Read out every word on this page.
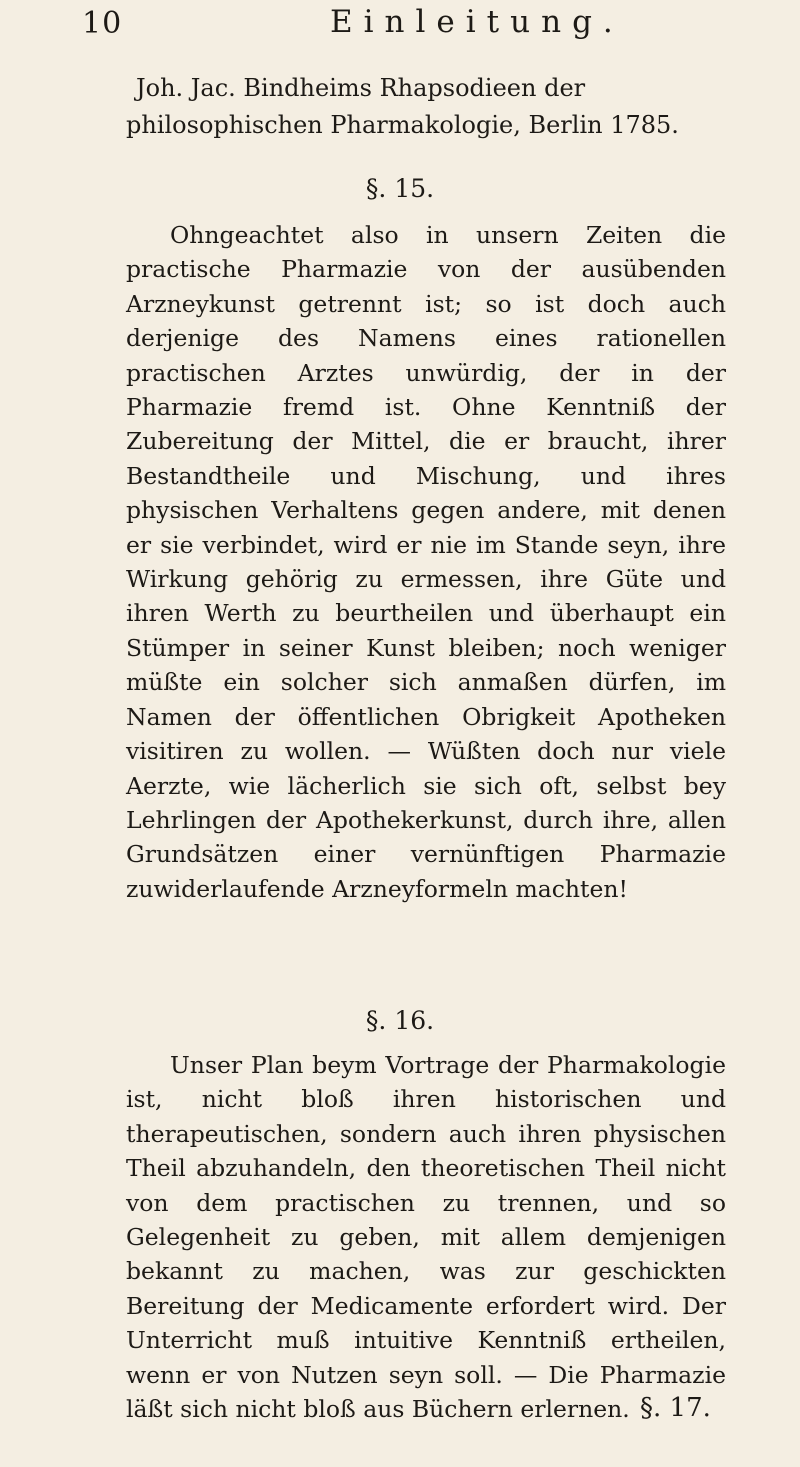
10	Einleitung.

Joh. Jac. Bindheims Rhapsodieen der philosophischen Pharmakologie, Berlin 1785.

§. 15.

Ohngeachtet also in unsern Zeiten die practische Pharmazie von der ausübenden Arzneykunst getrennt ist; so ist doch auch derjenige des Namens eines rationellen practischen Arztes unwürdig, der in der Pharmazie fremd ist. Ohne Kenntniß der Zubereitung der Mittel, die er braucht, ihrer Bestandtheile und Mischung, und ihres physischen Verhaltens gegen andere, mit denen er sie verbindet, wird er nie im Stande seyn, ihre Wirkung gehörig zu ermessen, ihre Güte und ihren Werth zu beurtheilen und überhaupt ein Stümper in seiner Kunst bleiben; noch weniger müßte ein solcher sich anmaßen dürfen, im Namen der öffentlichen Obrigkeit Apotheken visitiren zu wollen. — Wüßten doch nur viele Aerzte, wie lächerlich sie sich oft, selbst bey Lehrlingen der Apothekerkunst, durch ihre, allen Grundsätzen einer vernünftigen Pharmazie zuwiderlaufende Arzneyformeln machten!

§. 16.

Unser Plan beym Vortrage der Pharmakologie ist, nicht bloß ihren historischen und therapeutischen, sondern auch ihren physischen Theil abzuhandeln, den theoretischen Theil nicht von dem practischen zu trennen, und so Gelegenheit zu geben, mit allem demjenigen bekannt zu machen, was zur geschickten Bereitung der Medicamente erfordert wird. Der Unterricht muß intuitive Kenntniß ertheilen, wenn er von Nutzen seyn soll. — Die Pharmazie läßt sich nicht bloß aus Büchern erlernen. §. 17.
